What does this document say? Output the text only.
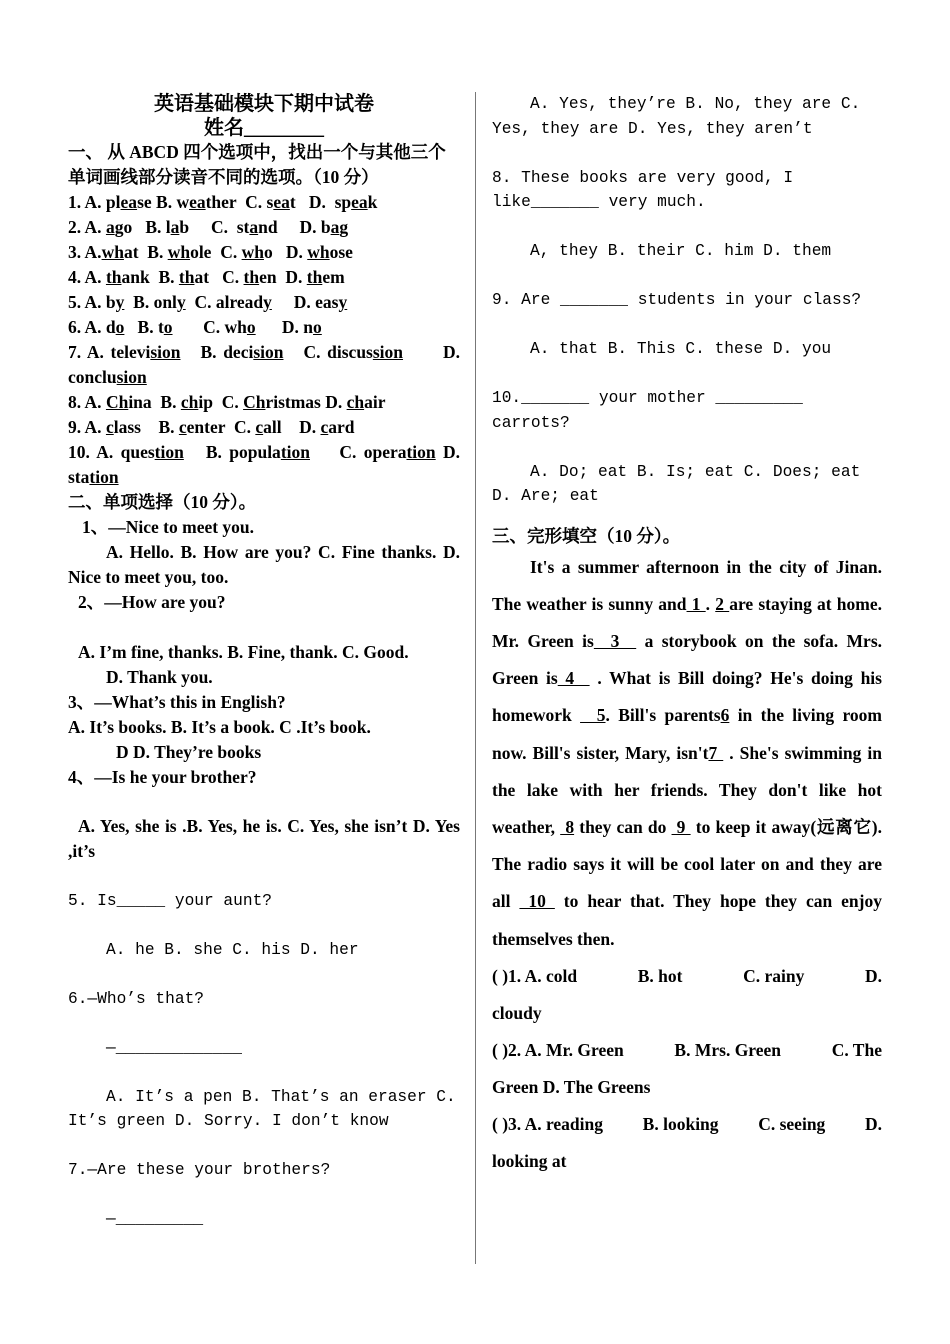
英语基础模块下期中试卷
姓名________
一、 从 ABCD 四个选项中，找出一个与其他三个单词画线部分读音不同的选项。（10 分）
1. A. please B. weather  C. seat   D.  speak
2. A. ago   B. lab     C.  stand     D. bag
3. A.what  B. whole  C. who   D. whose
4. A. thank  B. that   C. then  D. them
5. A. by  B. only  C. already     D. easy
6. A. do   B. to       C. who      D. no
7. A. television   B. decision   C. discussion      D. conclusion
8. A. China  B. chip  C. Christmas D. chair
9. A. class    B. center  C. call    D. card
10. A. question   B. population    C. operation D. station
二、单项选择（10 分）。
1、—Nice to meet you.
A. Hello. B. How are you? C. Fine thanks. D. Nice to meet you, too.
2、—How are you?
A. I’m fine, thanks. B. Fine, thank. C. Good.
D. Thank you.
3、—What’s this in English?
A. It’s books. B. It’s a book. C .It’s book.
D D. They’re books
4、—Is he your brother?
A. Yes, she is .B. Yes, he is. C. Yes, she isn’t D. Yes ,it’s
5. Is_____ your aunt?
A. he B. she C. his D. her
6.—Who’s that?
—_____________
A. It’s a pen B. That’s an eraser C. It’s green D. Sorry. I don’t know
7.—Are these your brothers?
—_________
A. Yes, they’re B. No, they are C. Yes, they are D. Yes, they aren’t
8. These books are very good, I like_______ very much.
A, they B. their C. him D. them
9. Are _______ students in your class?
A. that B. This C. these D. you
10._______ your mother _________ carrots?
A. Do; eat B. Is; eat C. Does; eat D. Are; eat
三、完形填空（10 分）。
It's a summer afternoon in the city of Jinan. The weather is sunny and 1 . 2 are staying at home. Mr. Green is  3   a storybook on the sofa. Mrs. Green is 4   . What is Bill doing? He's doing his homework   5. Bill's parents6 in the living room now. Bill's sister, Mary, isn't7  . She's swimming in the lake with her friends. They don't like hot weather,  8 they can do  9  to keep it away(远离它). The radio says it will be cool later on and they are all  10  to hear that. They hope they can enjoy themselves then.
( )1. A. cold	B. hot	C. rainy	D.
cloudy
( )2. A. Mr. Green	B. Mrs. Green	C. The
Green D. The Greens
( )3. A. reading B. looking C. seeing D.
looking at
